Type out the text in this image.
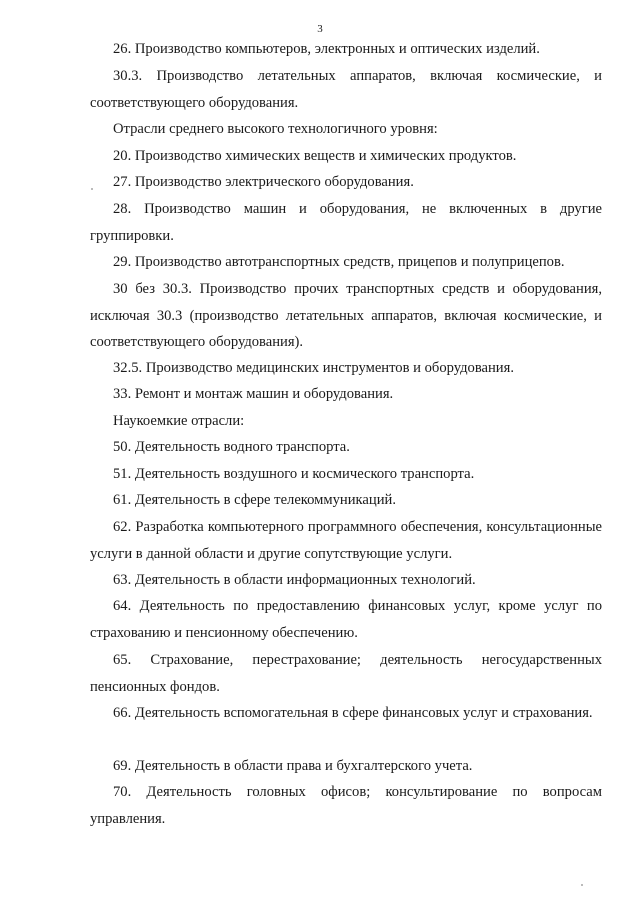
3

26. Производство компьютеров, электронных и оптических изделий.

30.3. Производство летательных аппаратов, включая космические, и соответствующего оборудования.

Отрасли среднего высокого технологичного уровня:

20. Производство химических веществ и химических продуктов.

27. Производство электрического оборудования.

28. Производство машин и оборудования, не включенных в другие группировки.

29. Производство автотранспортных средств, прицепов и полуприцепов.

30 без 30.3. Производство прочих транспортных средств и оборудования, исключая 30.3 (производство летательных аппаратов, включая космические, и соответствующего оборудования).

32.5. Производство медицинских инструментов и оборудования.

33. Ремонт и монтаж машин и оборудования.

Наукоемкие отрасли:

50. Деятельность водного транспорта.

51. Деятельность воздушного и космического транспорта.

61. Деятельность в сфере телекоммуникаций.

62. Разработка компьютерного программного обеспечения, консультационные услуги в данной области и другие сопутствующие услуги.

63. Деятельность в области информационных технологий.

64. Деятельность по предоставлению финансовых услуг, кроме услуг по страхованию и пенсионному обеспечению.

65. Страхование, перестрахование; деятельность негосударственных пенсионных фондов.

66. Деятельность вспомогательная в сфере финансовых услуг и страхования.

69. Деятельность в области права и бухгалтерского учета.

70. Деятельность головных офисов; консультирование по вопросам управления.
